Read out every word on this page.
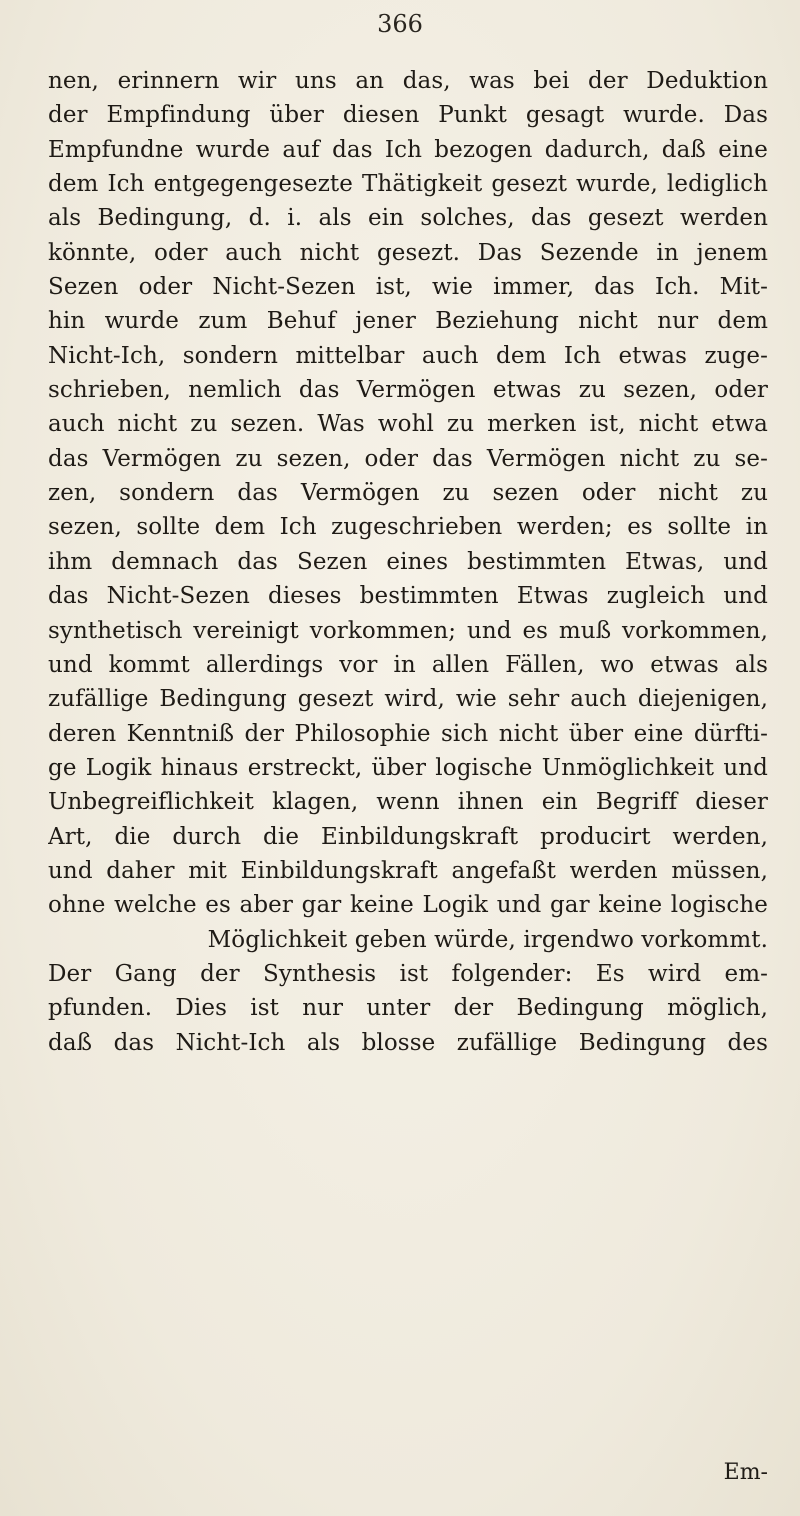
366
nen, erinnern wir uns an das, was bei der Deduktion
der Empfindung über diesen Punkt gesagt wurde. Das
Empfundne wurde auf das Ich bezogen dadurch, daß eine
dem Ich entgegengesezte Thätigkeit gesezt wurde, lediglich
als Bedingung, d. i. als ein solches, das gesezt werden
könnte, oder auch nicht gesezt. Das Sezende in jenem
Sezen oder Nicht-Sezen ist, wie immer, das Ich. Mit-
hin wurde zum Behuf jener Beziehung nicht nur dem
Nicht-Ich, sondern mittelbar auch dem Ich etwas zuge-
schrieben, nemlich das Vermögen etwas zu sezen, oder
auch nicht zu sezen. Was wohl zu merken ist, nicht etwa
das Vermögen zu sezen, oder das Vermögen nicht zu se-
zen, sondern das Vermögen zu sezen oder nicht zu
sezen, sollte dem Ich zugeschrieben werden; es sollte in
ihm demnach das Sezen eines bestimmten Etwas, und
das Nicht-Sezen dieses bestimmten Etwas zugleich und
synthetisch vereinigt vorkommen; und es muß vorkommen,
und kommt allerdings vor in allen Fällen, wo etwas als
zufällige Bedingung gesezt wird, wie sehr auch diejenigen,
deren Kenntniß der Philosophie sich nicht über eine dürfti-
ge Logik hinaus erstreckt, über logische Unmöglichkeit und
Unbegreiflichkeit klagen, wenn ihnen ein Begriff dieser
Art, die durch die Einbildungskraft producirt werden,
und daher mit Einbildungskraft angefaßt werden müssen,
ohne welche es aber gar keine Logik und gar keine logische
Möglichkeit geben würde, irgendwo vorkommt.
Der Gang der Synthesis ist folgender: Es wird em-
pfunden. Dies ist nur unter der Bedingung möglich,
daß das Nicht-Ich als blosse zufällige Bedingung des
Em-
